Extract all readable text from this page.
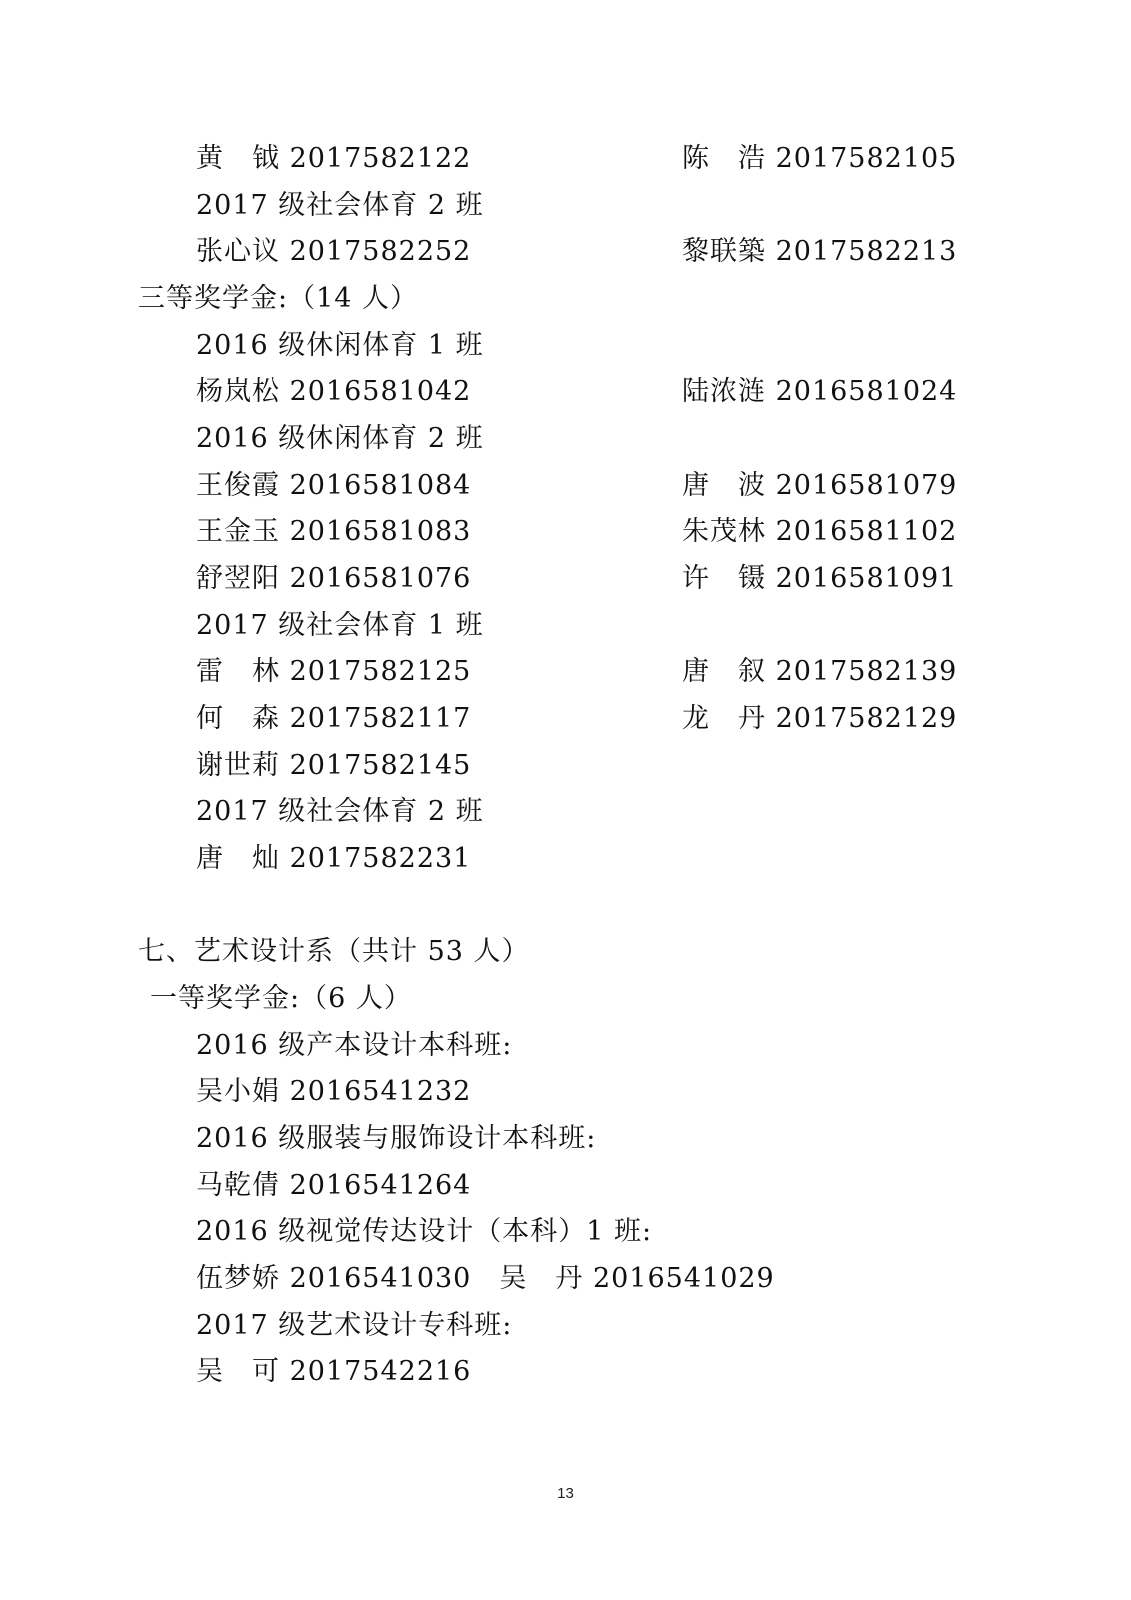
黄　钺 2017582122	陈　浩 2017582105
2017 级社会体育 2 班
张心议 2017582252	黎联築 2017582213
三等奖学金:（14 人）
2016 级休闲体育 1 班
杨岚松 2016581042	陆浓涟 2016581024
2016 级休闲体育 2 班
王俊霞 2016581084	唐　波 2016581079
王金玉 2016581083	朱茂林 2016581102
舒翌阳 2016581076	许　镊 2016581091
2017 级社会体育 1 班
雷　林 2017582125	唐　叙 2017582139
何　森 2017582117	龙　丹 2017582129
谢世莉 2017582145
2017 级社会体育 2 班
唐　灿 2017582231
七、艺术设计系（共计 53 人）
一等奖学金:（6 人）
2016 级产本设计本科班:
吴小娟 2016541232
2016 级服装与服饰设计本科班:
马乾倩 2016541264
2016 级视觉传达设计（本科）1 班:
伍梦娇 2016541030　吴　丹 2016541029
2017 级艺术设计专科班:
吴　可 2017542216
13
